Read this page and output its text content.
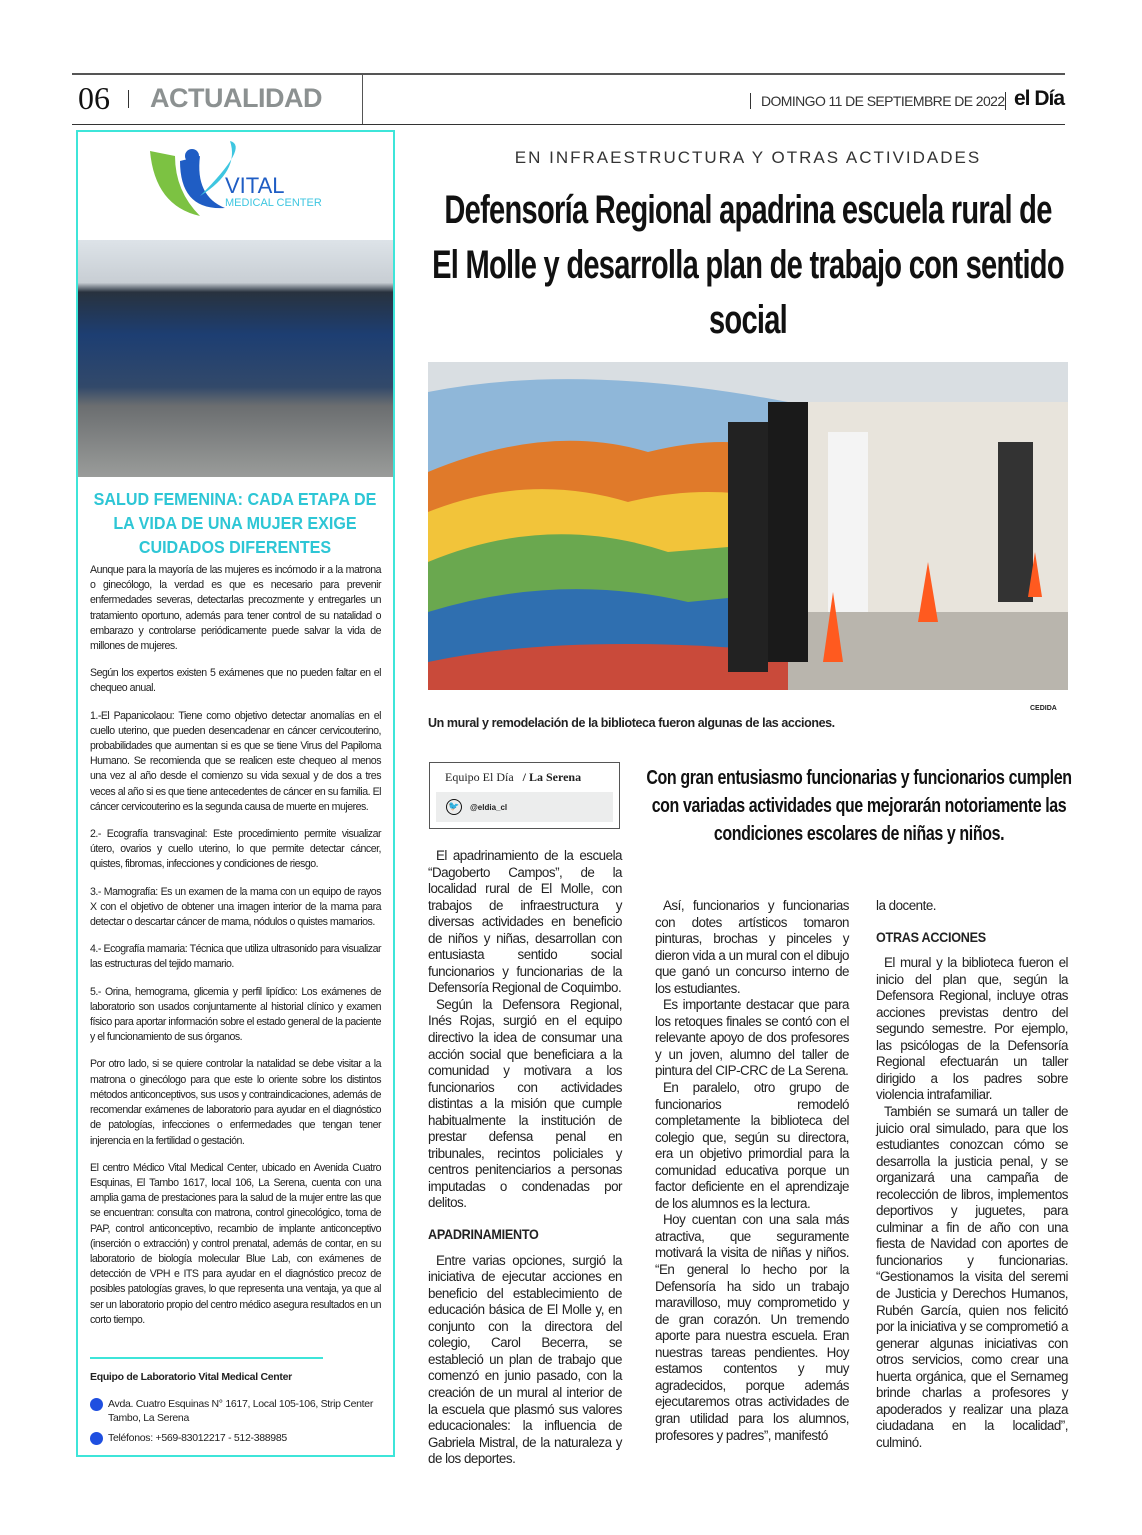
06 ACTUALIDAD	DOMINGO 11 DE SEPTIEMBRE DE 2022 el Día
VITAL
MEDICAL CENTER
SALUD FEMENINA: CADA ETAPA DE LA VIDA DE UNA MUJER EXIGE CUIDADOS DIFERENTES

Aunque para la mayoría de las mujeres es incómodo ir a la matrona o ginecólogo, la verdad es que es necesario para prevenir enfermedades severas, detectarlas precozmente y entregarles un tratamiento oportuno, además para tener control de su natalidad o embarazo y controlarse periódicamente puede salvar la vida de millones de mujeres.

Según los expertos existen 5 exámenes que no pueden faltar en el chequeo anual.

1.-El Papanicolaou: Tiene como objetivo detectar anomalías en el cuello uterino, que pueden desencadenar en cáncer cervicouterino, probabilidades que aumentan si es que se tiene Virus del Papiloma Humano. Se recomienda que se realicen este chequeo al menos una vez al año desde el comienzo su vida sexual y de dos a tres veces al año si es que tiene antecedentes de cáncer en su familia. El cáncer cervicouterino es la segunda causa de muerte en mujeres.

2.- Ecografía transvaginal: Este procedimiento permite visualizar útero, ovarios y cuello uterino, lo que permite detectar cáncer, quistes, fibromas, infecciones y condiciones de riesgo.

3.- Mamografía: Es un examen de la mama con un equipo de rayos X con el objetivo de obtener una imagen interior de la mama para detectar o descartar cáncer de mama, nódulos o quistes mamarios.

4.- Ecografía mamaria: Técnica que utiliza ultrasonido para visualizar las estructuras del tejido mamario.

5.- Orina, hemograma, glicemia y perfil lipídico: Los exámenes de laboratorio son usados conjuntamente al historial clínico y examen físico para aportar información sobre el estado general de la paciente y el funcionamiento de sus órganos.

Por otro lado, si se quiere controlar la natalidad se debe visitar a la matrona o ginecólogo para que este lo oriente sobre los distintos métodos anticonceptivos, sus usos y contraindicaciones, además de recomendar exámenes de laboratorio para ayudar en el diagnóstico de patologías, infecciones o enfermedades que tengan tener injerencia en la fertilidad o gestación.

El centro Médico Vital Medical Center, ubicado en Avenida Cuatro Esquinas, El Tambo 1617, local 106, La Serena, cuenta con una amplia gama de prestaciones para la salud de la mujer entre las que se encuentran: consulta con matrona, control ginecológico, toma de PAP, control anticonceptivo, recambio de implante anticonceptivo (inserción o extracción) y control prenatal, además de contar, en su laboratorio de biología molecular Blue Lab, con exámenes de detección de VPH e ITS para ayudar en el diagnóstico precoz de posibles patologías graves, lo que representa una ventaja, ya que al ser un laboratorio propio del centro médico asegura resultados en un corto tiempo.

Equipo de Laboratorio Vital Medical Center
Avda. Cuatro Esquinas N° 1617, Local 105-106, Strip Center Tambo, La Serena
Teléfonos: +569-83012217 - 512-388985
EN INFRAESTRUCTURA Y OTRAS ACTIVIDADES
Defensoría Regional apadrina escuela rural de El Molle y desarrolla plan de trabajo con sentido social
CEDIDA
Un mural y remodelación de la biblioteca fueron algunas de las acciones.
Equipo El Día / La Serena
🐦 @eldia_cl
Con gran entusiasmo funcionarias y funcionarios cumplen con variadas actividades que mejorarán notoriamente las condiciones escolares de niñas y niños.

El apadrinamiento de la escuela “Dagoberto Campos”, de la localidad rural de El Molle, con trabajos de infraestructura y diversas actividades en beneficio de niños y niñas, desarrollan con entusiasta sentido social funcionarios y funcionarias de la Defensoría Regional de Coquimbo.

Según la Defensora Regional, Inés Rojas, surgió en el equipo directivo la idea de consumar una acción social que beneficiara a la comunidad y motivara a los funcionarios con actividades distintas a la misión que cumple habitualmente la institución de prestar defensa penal en tribunales, recintos policiales y centros penitenciarios a personas imputadas o condenadas por delitos.

APADRINAMIENTO

Entre varias opciones, surgió la iniciativa de ejecutar acciones en beneficio del establecimiento de educación básica de El Molle y, en conjunto con la directora del colegio, Carol Becerra, se estableció un plan de trabajo que comenzó en junio pasado, con la creación de un mural al interior de la escuela que plasmó sus valores educacionales: la influencia de Gabriela Mistral, de la naturaleza y de los deportes.

Así, funcionarios y funcionarias con dotes artísticos tomaron pinturas, brochas y pinceles y dieron vida a un mural con el dibujo que ganó un concurso interno de los estudiantes.

Es importante destacar que para los retoques finales se contó con el relevante apoyo de dos profesores y un joven, alumno del taller de pintura del CIP-CRC de La Serena.

En paralelo, otro grupo de funcionarios remodeló completamente la biblioteca del colegio que, según su directora, era un objetivo primordial para la comunidad educativa porque un factor deficiente en el aprendizaje de los alumnos es la lectura.

Hoy cuentan con una sala más atractiva, que seguramente motivará la visita de niñas y niños. “En general lo hecho por la Defensoría ha sido un trabajo maravilloso, muy comprometido y de gran corazón. Un tremendo aporte para nuestra escuela. Eran nuestras tareas pendientes. Hoy estamos contentos y muy agradecidos, porque además ejecutaremos otras actividades de gran utilidad para los alumnos, profesores y padres”, manifestó

la docente.
OTRAS ACCIONES

El mural y la biblioteca fueron el inicio del plan que, según la Defensora Regional, incluye otras acciones previstas dentro del segundo semestre. Por ejemplo, las psicólogas de la Defensoría Regional efectuarán un taller dirigido a los padres sobre violencia intrafamiliar.

También se sumará un taller de juicio oral simulado, para que los estudiantes conozcan cómo se desarrolla la justicia penal, y se organizará una campaña de recolección de libros, implementos deportivos y juguetes, para culminar a fin de año con una fiesta de Navidad con aportes de funcionarios y funcionarias. “Gestionamos la visita del seremi de Justicia y Derechos Humanos, Rubén García, quien nos felicitó por la iniciativa y se comprometió a generar algunas iniciativas con otros servicios, como crear una huerta orgánica, que el Sernameg brinde charlas a profesores y apoderados y realizar una plaza ciudadana en la localidad”, culminó.
